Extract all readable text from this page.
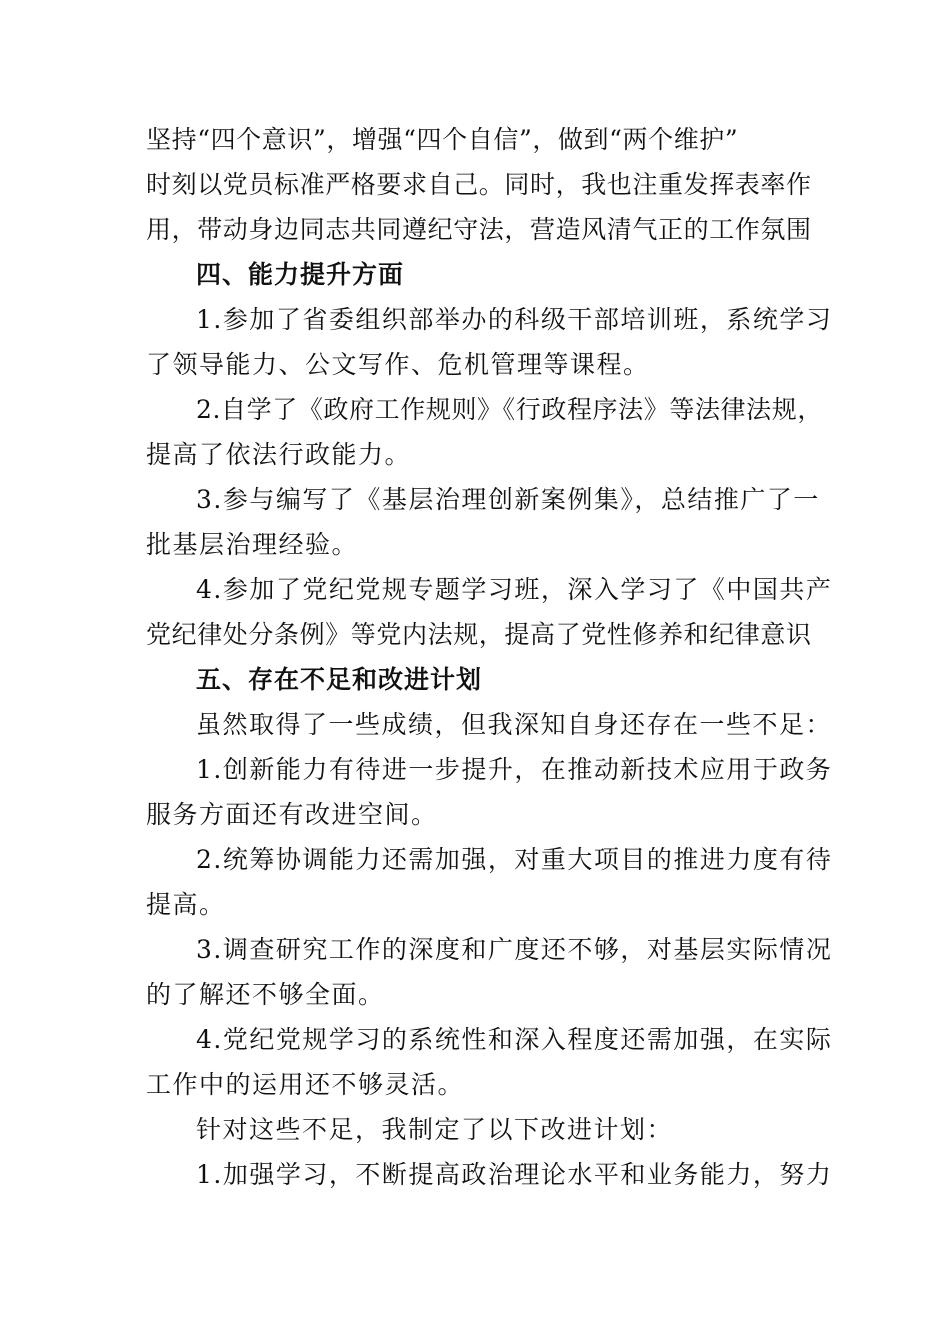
坚持“四个意识”，增强“四个自信”，做到“两个维护”
时刻以党员标准严格要求自己。同时，我也注重发挥表率作
用，带动身边同志共同遵纪守法，营造风清气正的工作氛围
四、能力提升方面
1.参加了省委组织部举办的科级干部培训班，系统学习
了领导能力、公文写作、危机管理等课程。
2.自学了《政府工作规则》《行政程序法》等法律法规，
提高了依法行政能力。
3.参与编写了《基层治理创新案例集》，总结推广了一
批基层治理经验。
4.参加了党纪党规专题学习班，深入学习了《中国共产
党纪律处分条例》等党内法规，提高了党性修养和纪律意识
五、存在不足和改进计划
虽然取得了一些成绩，但我深知自身还存在一些不足：
1.创新能力有待进一步提升，在推动新技术应用于政务
服务方面还有改进空间。
2.统筹协调能力还需加强，对重大项目的推进力度有待
提高。
3.调查研究工作的深度和广度还不够，对基层实际情况
的了解还不够全面。
4.党纪党规学习的系统性和深入程度还需加强，在实际
工作中的运用还不够灵活。
针对这些不足，我制定了以下改进计划：
1.加强学习，不断提高政治理论水平和业务能力，努力
